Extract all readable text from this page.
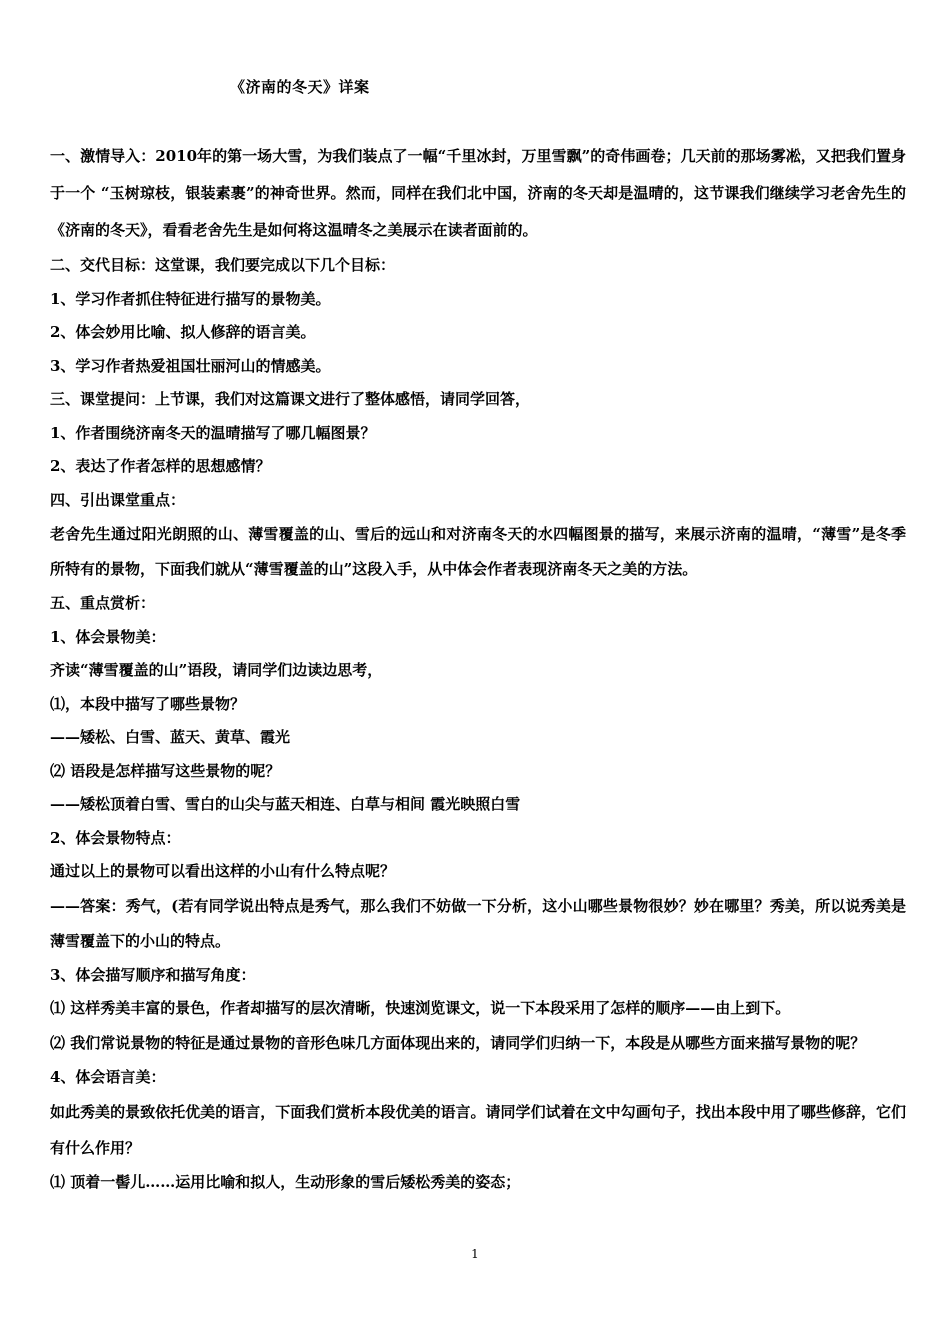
《济南的冬天》详案

一、激情导入：2010年的第一场大雪，为我们装点了一幅“千里冰封，万里雪飘”的奇伟画卷；几天前的那场雾凇，又把我们置身于一个 “玉树琼枝，银装素裹”的神奇世界。然而，同样在我们北中国，济南的冬天却是温晴的，这节课我们继续学习老舍先生的《济南的冬天》，看看老舍先生是如何将这温晴冬之美展示在读者面前的。

二、交代目标：这堂课，我们要完成以下几个目标：

1、学习作者抓住特征进行描写的景物美。

2、体会妙用比喻、拟人修辞的语言美。

3、学习作者热爱祖国壮丽河山的情感美。

三、课堂提问：上节课，我们对这篇课文进行了整体感悟，请同学回答，

1、作者围绕济南冬天的温晴描写了哪几幅图景？

2、表达了作者怎样的思想感情？

四、引出课堂重点：

老舍先生通过阳光朗照的山、薄雪覆盖的山、雪后的远山和对济南冬天的水四幅图景的描写，来展示济南的温晴，“薄雪”是冬季所特有的景物，下面我们就从“薄雪覆盖的山”这段入手，从中体会作者表现济南冬天之美的方法。

五、重点赏析：

1、体会景物美：

齐读“薄雪覆盖的山”语段，请同学们边读边思考，

⑴，本段中描写了哪些景物？

——矮松、白雪、蓝天、黄草、霞光

⑵ 语段是怎样描写这些景物的呢？

——矮松顶着白雪、雪白的山尖与蓝天相连、白草与相间 霞光映照白雪

2、体会景物特点：

通过以上的景物可以看出这样的小山有什么特点呢？

——答案：秀气，(若有同学说出特点是秀气，那么我们不妨做一下分析，这小山哪些景物很妙？妙在哪里？秀美，所以说秀美是薄雪覆盖下的小山的特点。

3、体会描写顺序和描写角度：

⑴ 这样秀美丰富的景色，作者却描写的层次清晰，快速浏览课文，说一下本段采用了怎样的顺序——由上到下。

⑵ 我们常说景物的特征是通过景物的音形色味几方面体现出来的，请同学们归纳一下，本段是从哪些方面来描写景物的呢？

4、体会语言美：

如此秀美的景致依托优美的语言，下面我们赏析本段优美的语言。请同学们试着在文中勾画句子，找出本段中用了哪些修辞，它们有什么作用？

⑴ 顶着一髻儿……运用比喻和拟人，生动形象的雪后矮松秀美的姿态；

1
